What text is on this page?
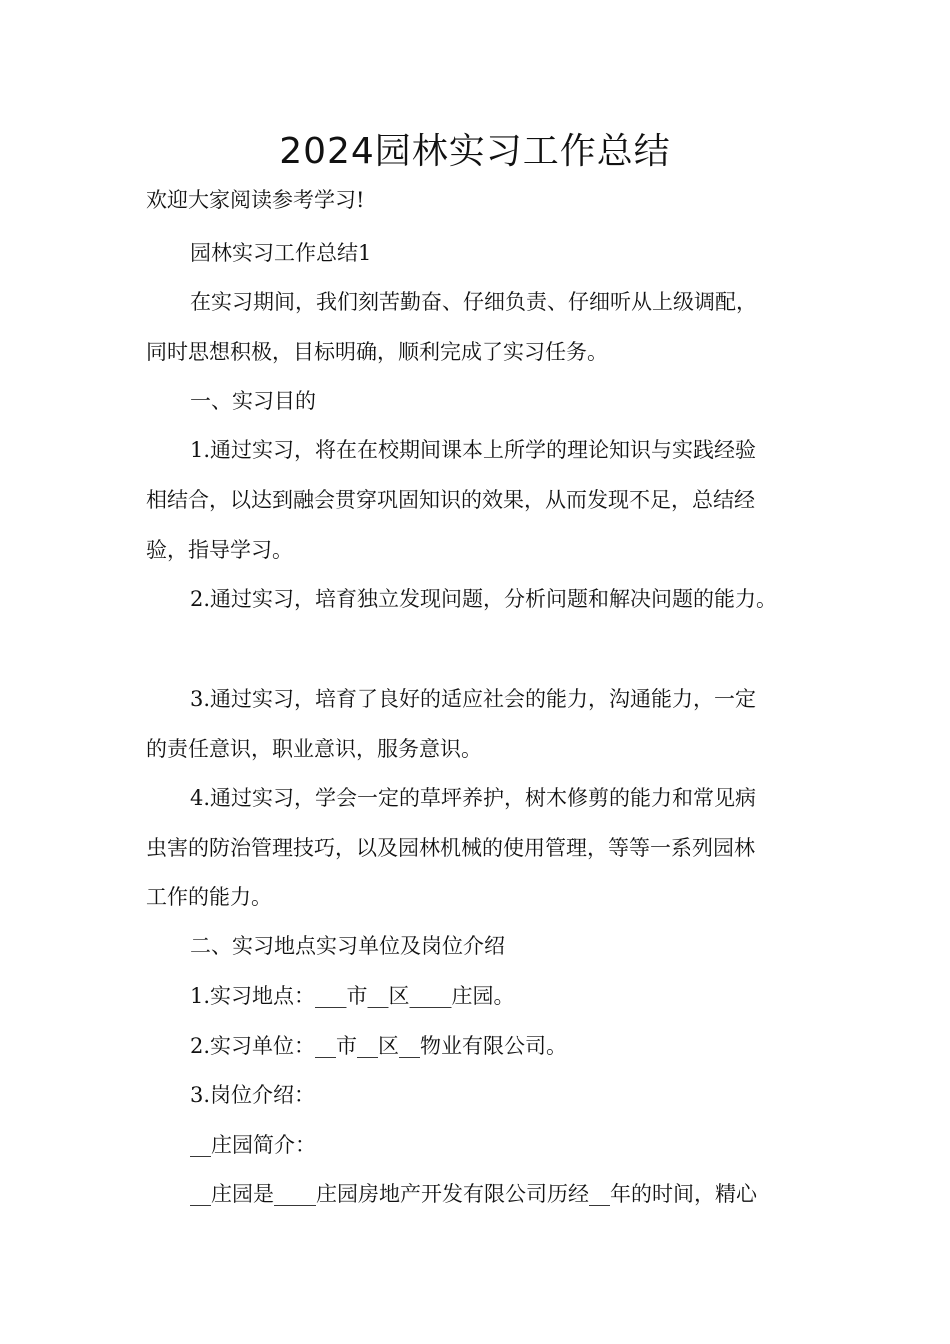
2024园林实习工作总结
欢迎大家阅读参考学习!
园林实习工作总结1
在实习期间，我们刻苦勤奋、仔细负责、仔细听从上级调配，
同时思想积极，目标明确，顺利完成了实习任务。
一、实习目的
1.通过实习，将在在校期间课本上所学的理论知识与实践经验
相结合，以达到融会贯穿巩固知识的效果，从而发现不足，总结经
验，指导学习。
2.通过实习，培育独立发现问题，分析问题和解决问题的能力。
3.通过实习，培育了良好的适应社会的能力，沟通能力，一定
的责任意识，职业意识，服务意识。
4.通过实习，学会一定的草坪养护，树木修剪的能力和常见病
虫害的防治管理技巧，以及园林机械的使用管理，等等一系列园林
工作的能力。
二、实习地点实习单位及岗位介绍
1.实习地点：___市__区____庄园。
2.实习单位：__市__区__物业有限公司。
3.岗位介绍：
__庄园简介：
__庄园是____庄园房地产开发有限公司历经__年的时间，精心
